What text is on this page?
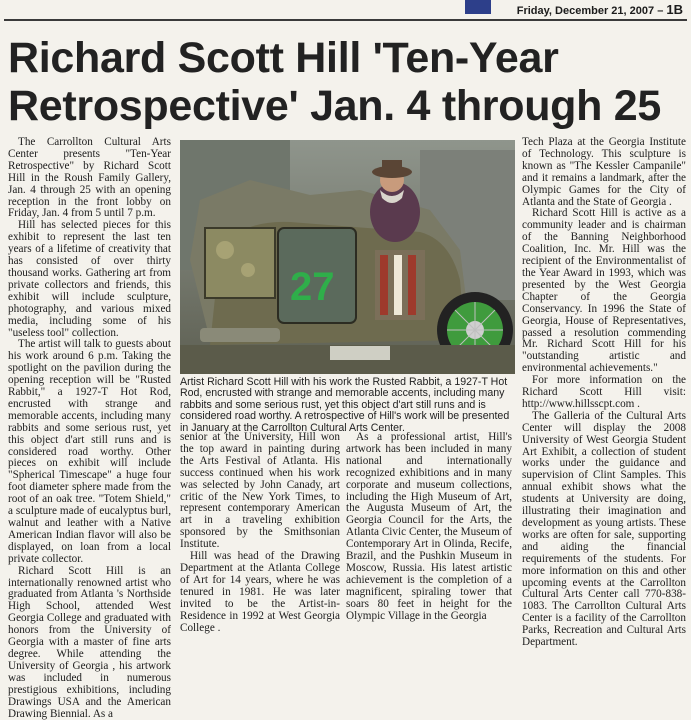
Friday, December 21, 2007 – 1B
Richard Scott Hill 'Ten-Year Retrospective' Jan. 4 through 25

The Carrollton Cultural Arts Center presents "Ten-Year Retrospective" by Richard Scott Hill in the Roush Family Gallery, Jan. 4 through 25 with an opening reception in the front lobby on Friday, Jan. 4 from 5 until 7 p.m.

Hill has selected pieces for this exhibit to represent the last ten years of a lifetime of creativity that has consisted of over thirty thousand works. Gathering art from private collectors and friends, this exhibit will include sculpture, photography, and various mixed media, including some of his "useless tool" collection.

The artist will talk to guests about his work around 6 p.m. Taking the spotlight on the pavilion during the opening reception will be "Rusted Rabbit," a 1927-T Hot Rod, encrusted with strange and memorable accents, including many rabbits and some serious rust, yet this object d'art still runs and is considered road worthy. Other pieces on exhibit will include "Spherical Timescape" a huge four foot diameter sphere made from the root of an oak tree. "Totem Shield," a sculpture made of eucalyptus burl, walnut and leather with a Native American Indian flavor will also be displayed, on loan from a local private collector.

Richard Scott Hill is an internationally renowned artist who graduated from Atlanta 's Northside High School, attended West Georgia College and graduated with honors from the University of Georgia with a master of fine arts degree. While attending the University of Georgia , his artwork was included in numerous prestigious exhibitions, including Drawings USA and the American Drawing Biennial. As a

27
Artist Richard Scott Hill with his work the Rusted Rabbit, a 1927-T Hot Rod, encrusted with strange and memorable accents, including many rabbits and some serious rust, yet this object d'art still runs and is considered road worthy. A retrospective of Hill's work will be presented in January at the Carrollton Cultural Arts Center.

senior at the University, Hill won the top award in painting during the Arts Festival of Atlanta. His success continued when his work was selected by John Canady, art critic of the New York Times, to represent contemporary American art in a traveling exhibition sponsored by the Smithsonian Institute.

Hill was head of the Drawing Department at the Atlanta College of Art for 14 years, where he was tenured in 1981. He was later invited to be the Artist-in-Residence in 1992 at West Georgia College .

As a professional artist, Hill's artwork has been included in many national and internationally recognized exhibitions and in many corporate and museum collections, including the High Museum of Art, the Augusta Museum of Art, the Georgia Council for the Arts, the Atlanta Civic Center, the Museum of Contemporary Art in Olinda, Recife, Brazil, and the Pushkin Museum in Moscow, Russia. His latest artistic achievement is the completion of a magnificent, spiraling tower that soars 80 feet in height for the Olympic Village in the Georgia

Tech Plaza at the Georgia Institute of Technology. This sculpture is known as "The Kessler Campanile" and it remains a landmark, after the Olympic Games for the City of Atlanta and the State of Georgia .

Richard Scott Hill is active as a community leader and is chairman of the Banning Neighborhood Coalition, Inc. Mr. Hill was the recipient of the Environmentalist of the Year Award in 1993, which was presented by the West Georgia Chapter of the Georgia Conservancy. In 1996 the State of Georgia, House of Representatives, passed a resolution commending Mr. Richard Scott Hill for his "outstanding artistic and environmental achievements."

For more information on the Richard Scott Hill visit: http://www.hillsscpt.com .

The Galleria of the Cultural Arts Center will display the 2008 University of West Georgia Student Art Exhibit, a collection of student works under the guidance and supervision of Clint Samples. This annual exhibit shows what the students at University are doing, illustrating their imagination and development as young artists. These works are often for sale, supporting and aiding the financial requirements of the students. For more information on this and other upcoming events at the Carrollton Cultural Arts Center call 770-838-1083. The Carrollton Cultural Arts Center is a facility of the Carrollton Parks, Recreation and Cultural Arts Department.
